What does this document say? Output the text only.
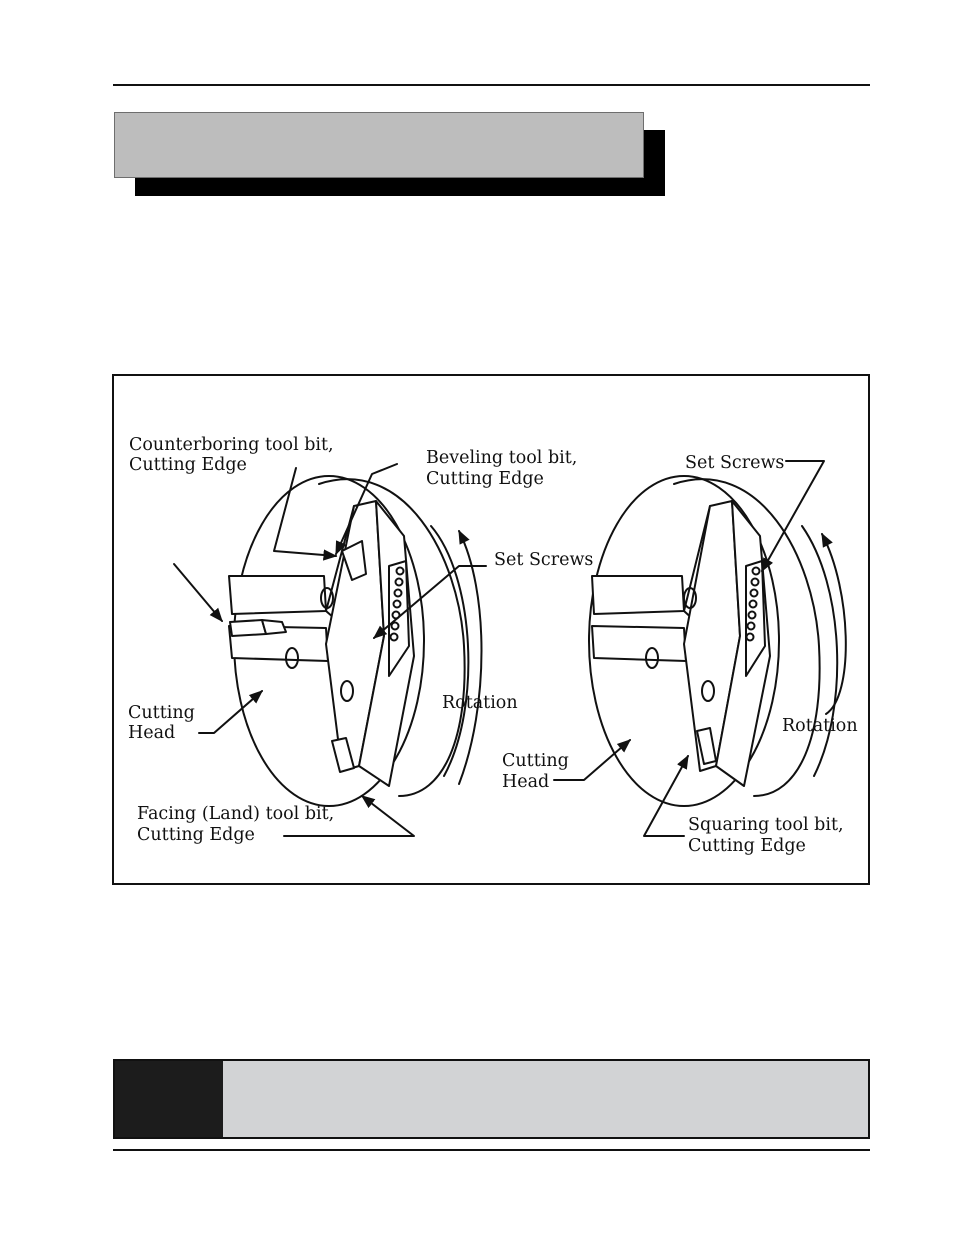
Counterboring tool bit,
Cutting Edge	Beveling tool bit,
Cutting Edge
Set Screws
Rotation
Cutting
Head
Facing (Land) tool bit,
Cutting Edge
Set Screws
Rotation
Cutting
Head
Squaring tool bit,
Cutting Edge
